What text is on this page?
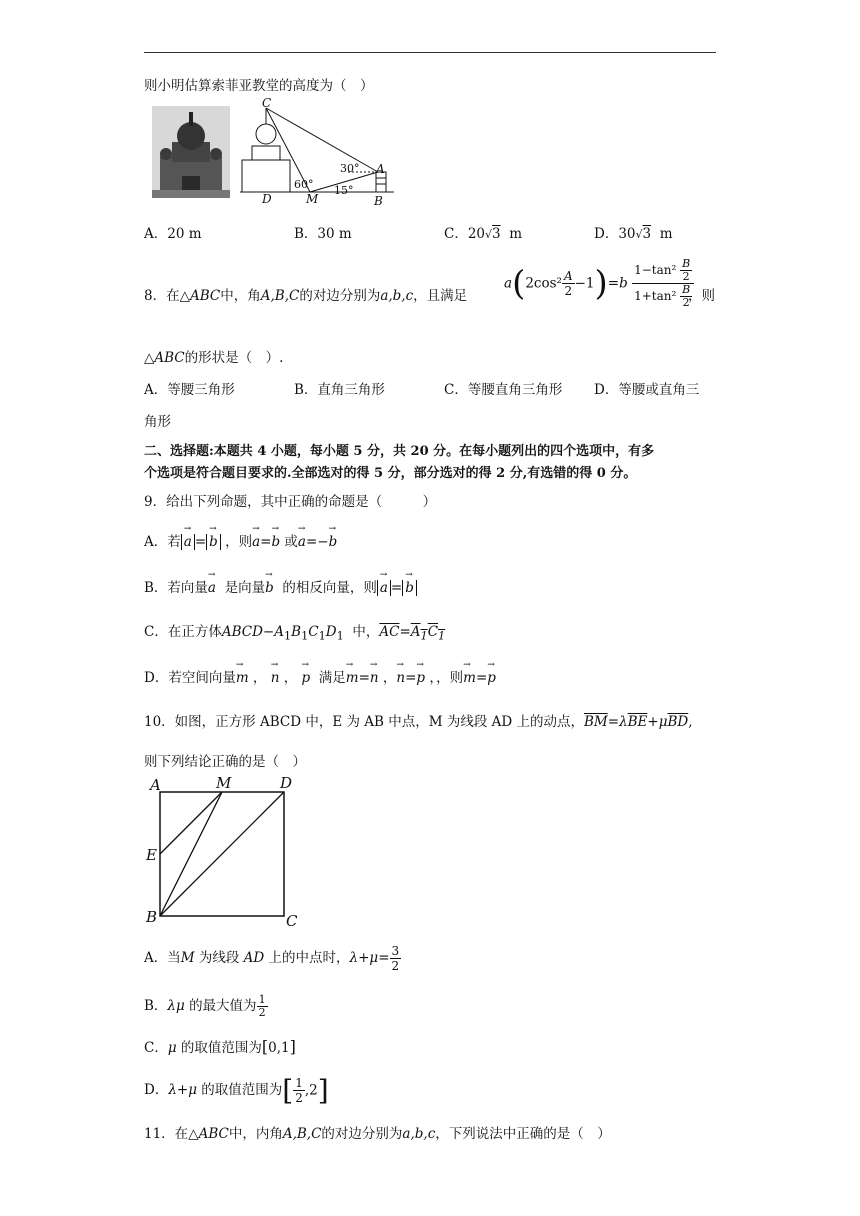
则小明估算索菲亚教堂的高度为（　）
C
A
D	M	B
30°
60° 15°
A．20 m	B．30 m	C．20√3 m	D．30√3 m
8．在△ABC中，角A,B,C的对边分别为a,b,c，且满足
$a(2\cos^2 \frac{A}{2} -1)=b \frac{1-\tan^2 \frac{B}{2}}{1+\tan^2 \frac{B}{2}}$
，则
△ABC的形状是（　）.
A．等腰三角形	B．直角三角形	C．等腰直角三角形 D．等腰或直角三
角形
二、选择题:本题共 4 小题，每小题 5 分，共 20 分。在每小题列出的四个选项中，有多
个选项是符合题目要求的.全部选对的得 5 分，部分选对的得 2 分,有选错的得 0 分。
9．给出下列命题，其中正确的命题是（　　　）
A．若 → a = → b ，则→ a=→ b 或→ a=−→ b
B．若向量→ a 是向量→ b 的相反向量，则 → a = → b
C．在正方体$ABCD-A_1B_1C_1D_1$ 中，$\overline{AC}=A_1C_1$
D．若空间向量→ m ， → n ， → p 满足→ m=→ n ，→ n=→ p ，，则→ m=→ p
10．如图，正方形 ABCD 中，E 为 AB 中点，M 为线段 AD 上的动点，$\overline{BM}=\lambda\overline{BE}+\mu\overline{BD}$,
则下列结论正确的是（　）
A	M	D
E
B	C
A．当M 为线段 AD 上的中点时，$\lambda+\mu= \frac{3}{2}$
B．λμ 的最大值为 $\frac{1}{2}$
C．μ 的取值范围为[0,1]
D．λ+μ 的取值范围为[ $\frac{1}{2} ,2$]
11．在△ABC中，内角A,B,C的对边分别为a,b,c，下列说法中正确的是（　）
